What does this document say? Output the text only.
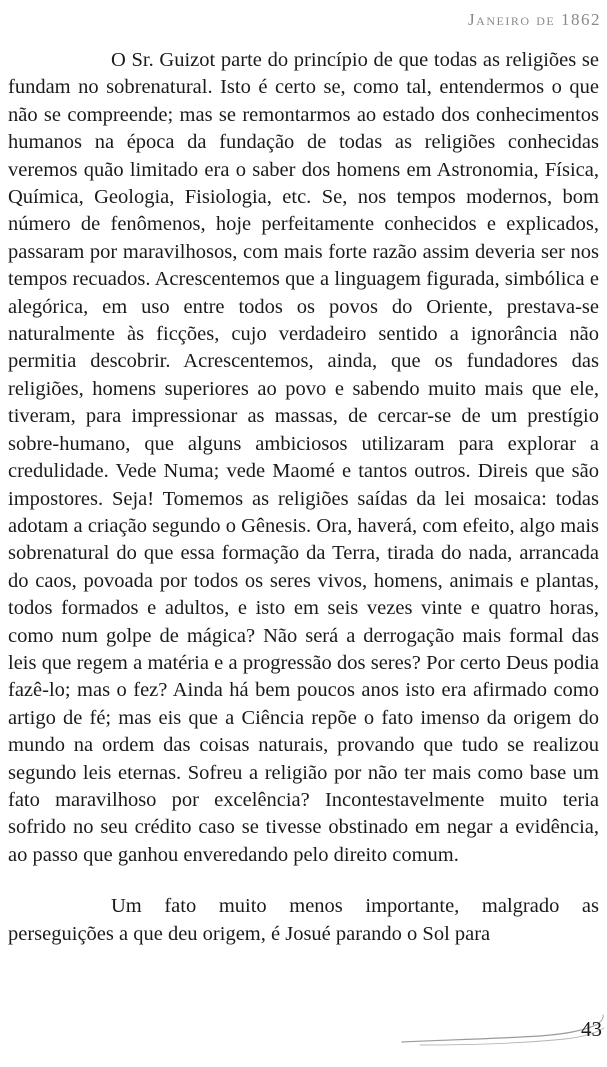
Janeiro de 1862

O Sr. Guizot parte do princípio de que todas as religiões se fundam no sobrenatural. Isto é certo se, como tal, entendermos o que não se compreende; mas se remontarmos ao estado dos conhecimentos humanos na época da fundação de todas as religiões conhecidas veremos quão limitado era o saber dos homens em Astronomia, Física, Química, Geologia, Fisiologia, etc. Se, nos tempos modernos, bom número de fenômenos, hoje perfeitamente conhecidos e explicados, passaram por maravilhosos, com mais forte razão assim deveria ser nos tempos recuados. Acrescentemos que a linguagem figurada, simbólica e alegórica, em uso entre todos os povos do Oriente, prestava-se naturalmente às ficções, cujo verdadeiro sentido a ignorância não permitia descobrir. Acrescentemos, ainda, que os fundadores das religiões, homens superiores ao povo e sabendo muito mais que ele, tiveram, para impressionar as massas, de cercar-se de um prestígio sobre-humano, que alguns ambiciosos utilizaram para explorar a credulidade. Vede Numa; vede Maomé e tantos outros. Direis que são impostores. Seja! Tomemos as religiões saídas da lei mosaica: todas adotam a criação segundo o Gênesis. Ora, haverá, com efeito, algo mais sobrenatural do que essa formação da Terra, tirada do nada, arrancada do caos, povoada por todos os seres vivos, homens, animais e plantas, todos formados e adultos, e isto em seis vezes vinte e quatro horas, como num golpe de mágica? Não será a derrogação mais formal das leis que regem a matéria e a progressão dos seres? Por certo Deus podia fazê-lo; mas o fez? Ainda há bem poucos anos isto era afirmado como artigo de fé; mas eis que a Ciência repõe o fato imenso da origem do mundo na ordem das coisas naturais, provando que tudo se realizou segundo leis eternas. Sofreu a religião por não ter mais como base um fato maravilhoso por excelência? Incontestavelmente muito teria sofrido no seu crédito caso se tivesse obstinado em negar a evidência, ao passo que ganhou enveredando pelo direito comum.

Um fato muito menos importante, malgrado as perseguições a que deu origem, é Josué parando o Sol para

43
